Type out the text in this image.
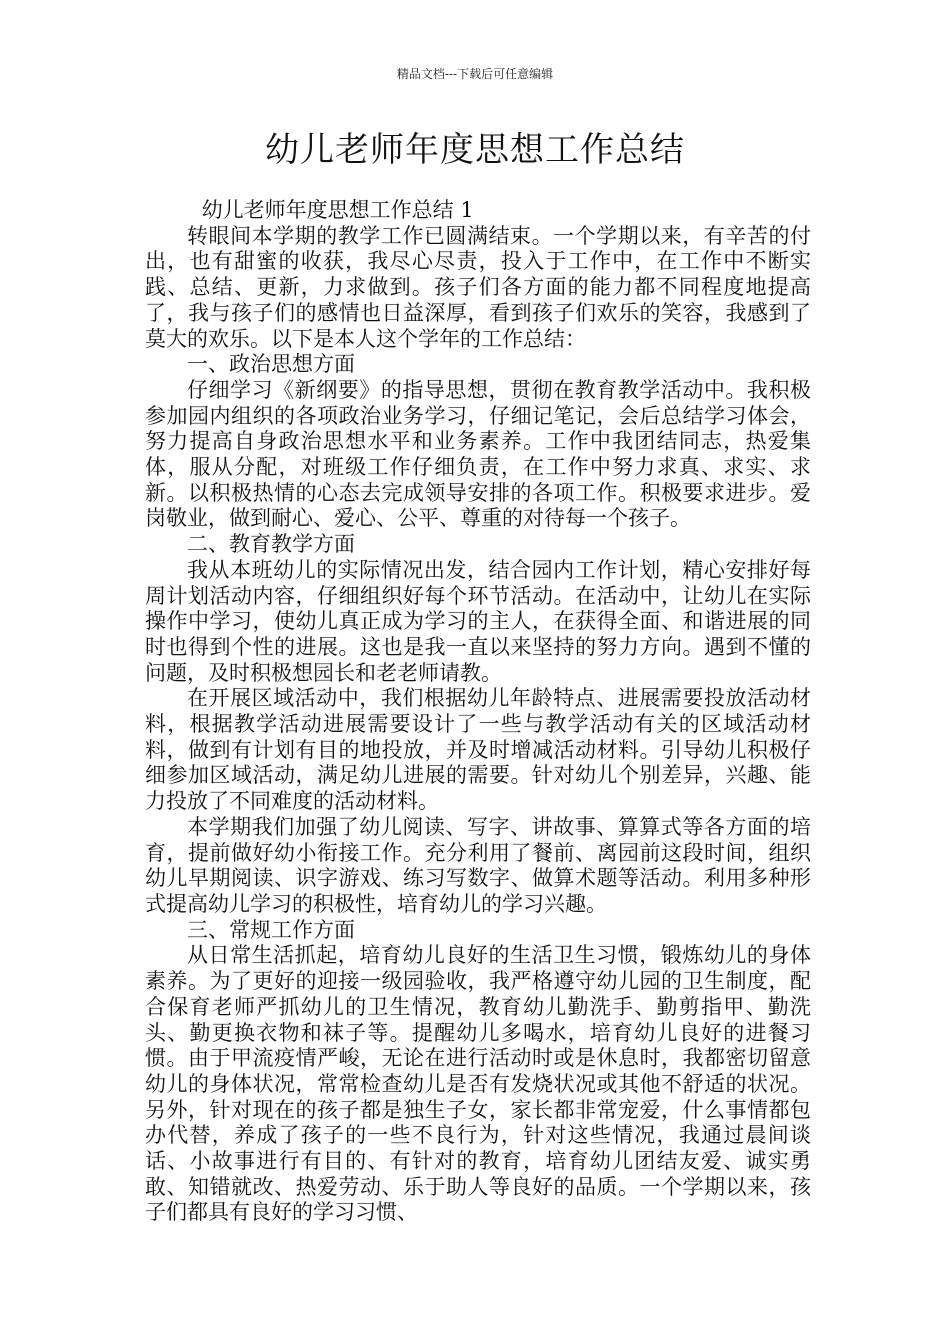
精品文档---下载后可任意编辑
幼儿老师年度思想工作总结

幼儿老师年度思想工作总结 1

转眼间本学期的教学工作已圆满结束。一个学期以来，有辛苦的付出，也有甜蜜的收获，我尽心尽责，投入于工作中，在工作中不断实践、总结、更新，力求做到。孩子们各方面的能力都不同程度地提高了，我与孩子们的感情也日益深厚，看到孩子们欢乐的笑容，我感到了莫大的欢乐。以下是本人这个学年的工作总结：

一、政治思想方面

仔细学习《新纲要》的指导思想，贯彻在教育教学活动中。我积极参加园内组织的各项政治业务学习，仔细记笔记，会后总结学习体会，努力提高自身政治思想水平和业务素养。工作中我团结同志，热爱集体，服从分配，对班级工作仔细负责，在工作中努力求真、求实、求新。以积极热情的心态去完成领导安排的各项工作。积极要求进步。爱岗敬业，做到耐心、爱心、公平、尊重的对待每一个孩子。

二、教育教学方面

我从本班幼儿的实际情况出发，结合园内工作计划，精心安排好每周计划活动内容，仔细组织好每个环节活动。在活动中，让幼儿在实际操作中学习，使幼儿真正成为学习的主人，在获得全面、和谐进展的同时也得到个性的进展。这也是我一直以来坚持的努力方向。遇到不懂的问题，及时积极想园长和老老师请教。

在开展区域活动中，我们根据幼儿年龄特点、进展需要投放活动材料，根据教学活动进展需要设计了一些与教学活动有关的区域活动材料，做到有计划有目的地投放，并及时增减活动材料。引导幼儿积极仔细参加区域活动，满足幼儿进展的需要。针对幼儿个别差异，兴趣、能力投放了不同难度的活动材料。

本学期我们加强了幼儿阅读、写字、讲故事、算算式等各方面的培育，提前做好幼小衔接工作。充分利用了餐前、离园前这段时间，组织幼儿早期阅读、识字游戏、练习写数字、做算术题等活动。利用多种形式提高幼儿学习的积极性，培育幼儿的学习兴趣。

三、常规工作方面

从日常生活抓起，培育幼儿良好的生活卫生习惯，锻炼幼儿的身体素养。为了更好的迎接一级园验收，我严格遵守幼儿园的卫生制度，配合保育老师严抓幼儿的卫生情况，教育幼儿勤洗手、勤剪指甲、勤洗头、勤更换衣物和袜子等。提醒幼儿多喝水，培育幼儿良好的进餐习惯。由于甲流疫情严峻，无论在进行活动时或是休息时，我都密切留意幼儿的身体状况，常常检查幼儿是否有发烧状况或其他不舒适的状况。另外，针对现在的孩子都是独生子女，家长都非常宠爱，什么事情都包办代替，养成了孩子的一些不良行为，针对这些情况，我通过晨间谈话、小故事进行有目的、有针对的教育，培育幼儿团结友爱、诚实勇敢、知错就改、热爱劳动、乐于助人等良好的品质。一个学期以来，孩子们都具有良好的学习习惯、
